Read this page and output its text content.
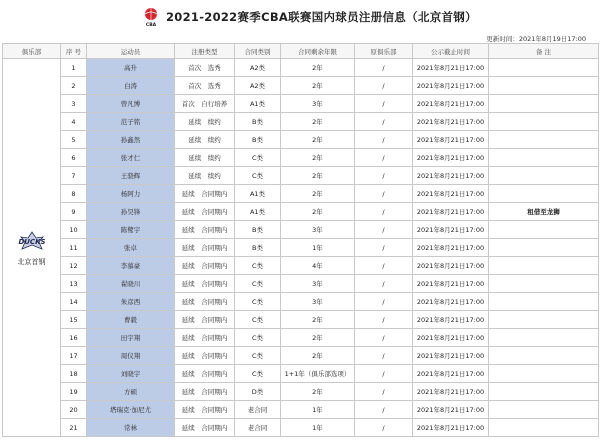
CBA
2021-2022赛季CBA联赛国内球员注册信息（北京首钢）
更新时间：2021年8月19日17:00
俱乐部	序 号	运动员	注册类型	合同类别	合同剩余年限	原俱乐部	公示截止时间	备 注

DUCKS
北京首钢	1	高升	首次　选秀	A2类	2年	/	2021年8月21日17:00	
	2	白涛	首次　选秀	A2类	2年	/	2021年8月21日17:00	
	3	曾凡博	首次　自行培养	A1类	3年	/	2021年8月21日17:00	
	4	范子铭	延续　续约	B类	2年	/	2021年8月21日17:00	
	5	孙鑫然	延续　续约	B类	2年	/	2021年8月21日17:00	
	6	张才仁	延续　续约	C类	2年	/	2021年8月21日17:00	
	7	王骁辉	延续　续约	C类	2年	/	2021年8月21日17:00	
	8	杨阿力	延续　合同期内	A1类	2年	/	2021年8月21日17:00	
	9	孙昊锋	延续　合同期内	A1类	2年	/	2021年8月21日17:00	租借至龙狮
	10	陈鹭宇	延续　合同期内	B类	3年	/	2021年8月21日17:00	
	11	张卓	延续　合同期内	B类	1年	/	2021年8月21日17:00	
	12	李慕豪	延续　合同期内	C类	4年	/	2021年8月21日17:00	
	13	翟晓川	延续　合同期内	C类	3年	/	2021年8月21日17:00	
	14	朱彦西	延续　合同期内	C类	3年	/	2021年8月21日17:00	
	15	曹毅	延续　合同期内	C类	2年	/	2021年8月21日17:00	
	16	田宇翔	延续　合同期内	C类	2年	/	2021年8月21日17:00	
	17	周仪翔	延续　合同期内	C类	2年	/	2021年8月21日17:00	
	18	刘晓宇	延续　合同期内	C类	1+1年（俱乐部选项）	/	2021年8月21日17:00	
	19	方硕	延续　合同期内	D类	2年	/	2021年8月21日17:00	
	20	塔瑞克·加尼尤	延续　合同期内	老合同	1年	/	2021年8月21日17:00	
	21	常林	延续　合同期内	老合同	1年	/	2021年8月21日17:00	
